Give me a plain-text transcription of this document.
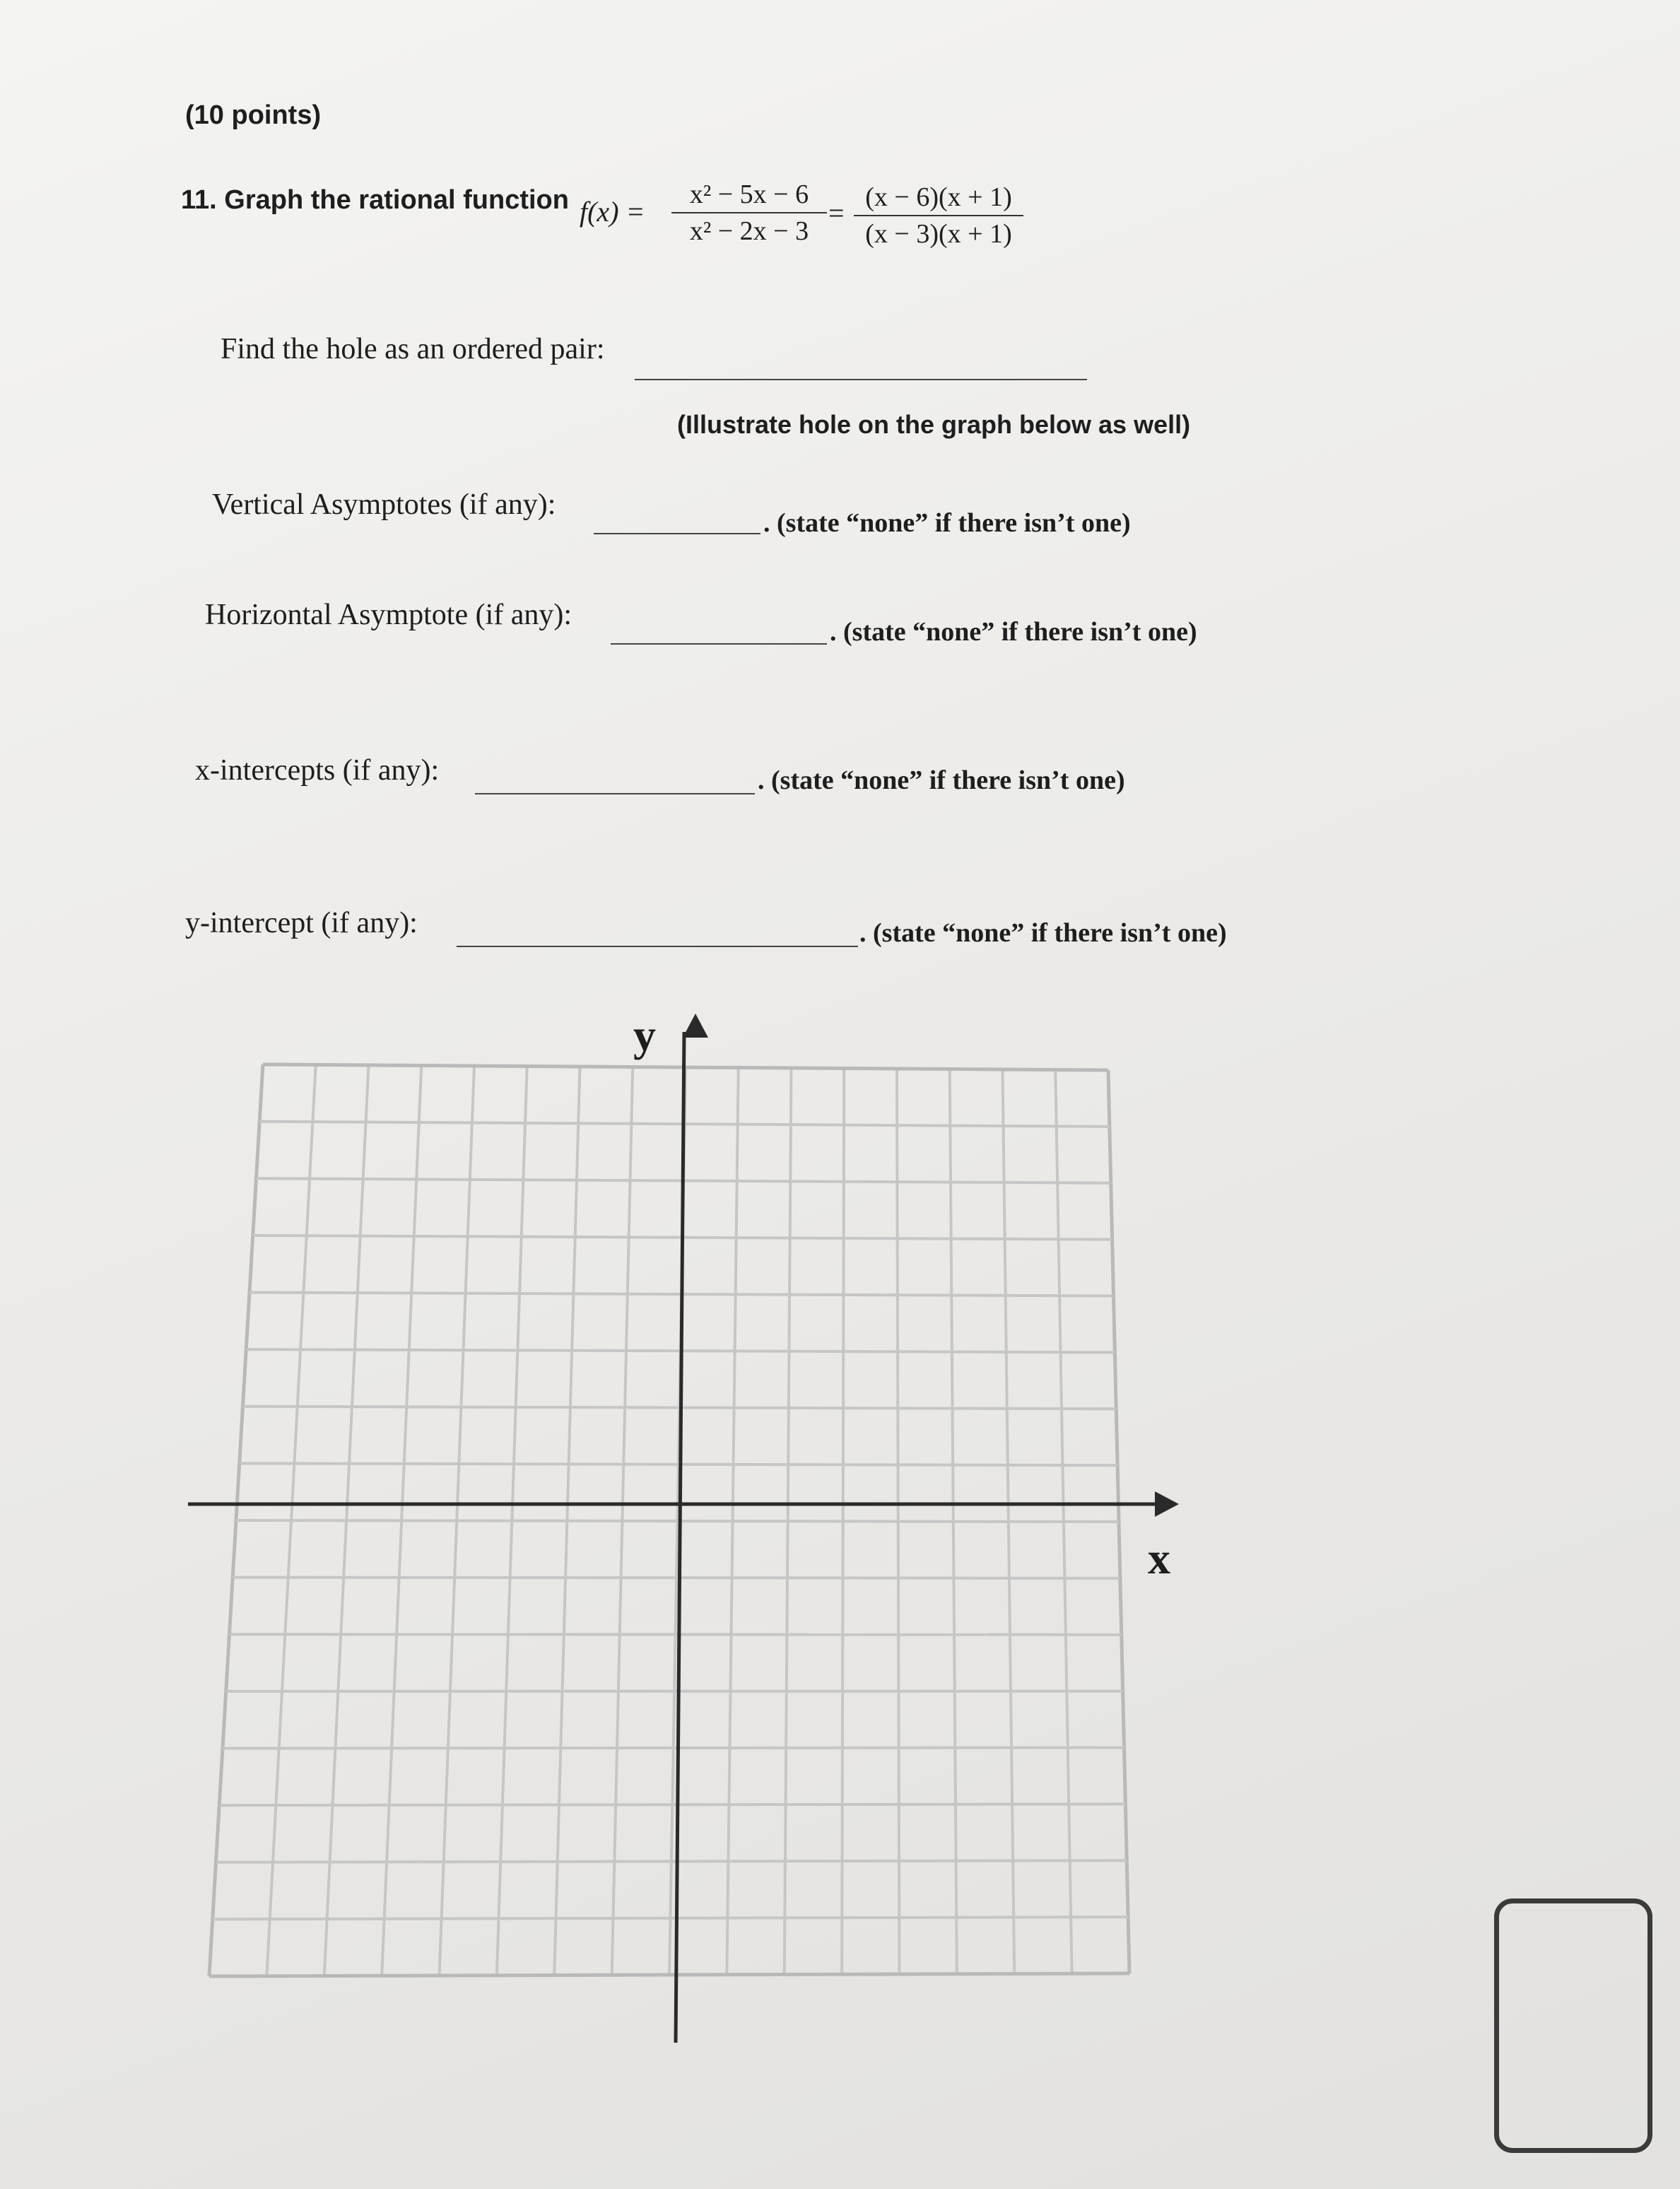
(10 points)
11. Graph the rational function f(x) =
x² − 5x − 6
x² − 2x − 3
= (x − 6)(x + 1)
(x − 3)(x + 1)
Find the hole as an ordered pair:
(Illustrate hole on the graph below as well)
Vertical Asymptotes (if any):
. (state “none” if there isn’t one)
Horizontal Asymptote (if any):
. (state “none” if there isn’t one)
x-intercepts (if any):	. (state “none” if there isn’t one)
y-intercept (if any):	. (state “none” if there isn’t one)
x
y
